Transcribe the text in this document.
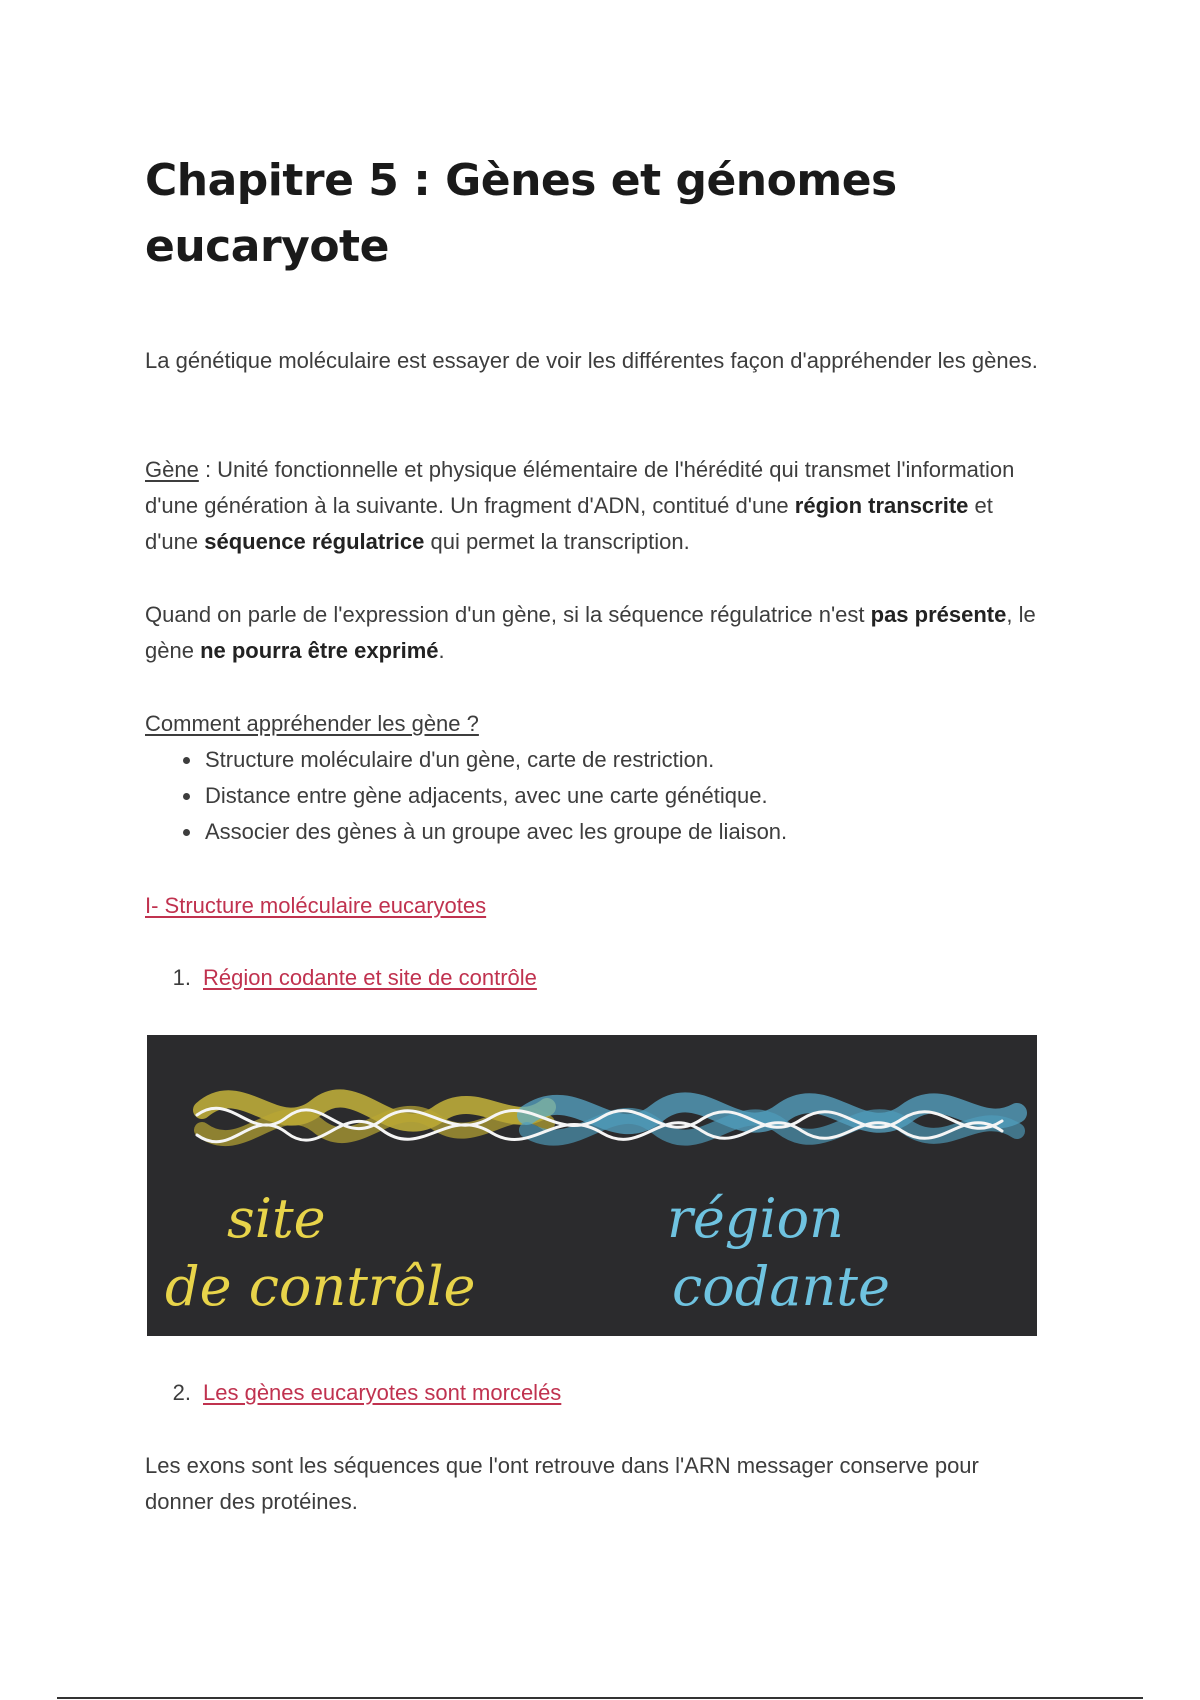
Chapitre 5 : Gènes et génomes eucaryote

La génétique moléculaire est essayer de voir les différentes façon d'appréhender les gènes.

Gène : Unité fonctionnelle et physique élémentaire de l'hérédité qui transmet l'information d'une génération à la suivante. Un fragment d'ADN, contitué d'une région transcrite et d'une séquence régulatrice qui permet la transcription.

Quand on parle de l'expression d'un gène, si la séquence régulatrice n'est pas présente, le gène ne pourra être exprimé.

Comment appréhender les gène ?

• Structure moléculaire d'un gène, carte de restriction.
• Distance entre gène adjacents, avec une carte génétique.
• Associer des gènes à un groupe avec les groupe de liaison.

I- Structure moléculaire eucaryotes

1. Région codante et site de contrôle
site
de contrôle
région
codante
2. Les gènes eucaryotes sont morcelés

Les exons sont les séquences que l'ont retrouve dans l'ARN messager conserve pour donner des protéines.
